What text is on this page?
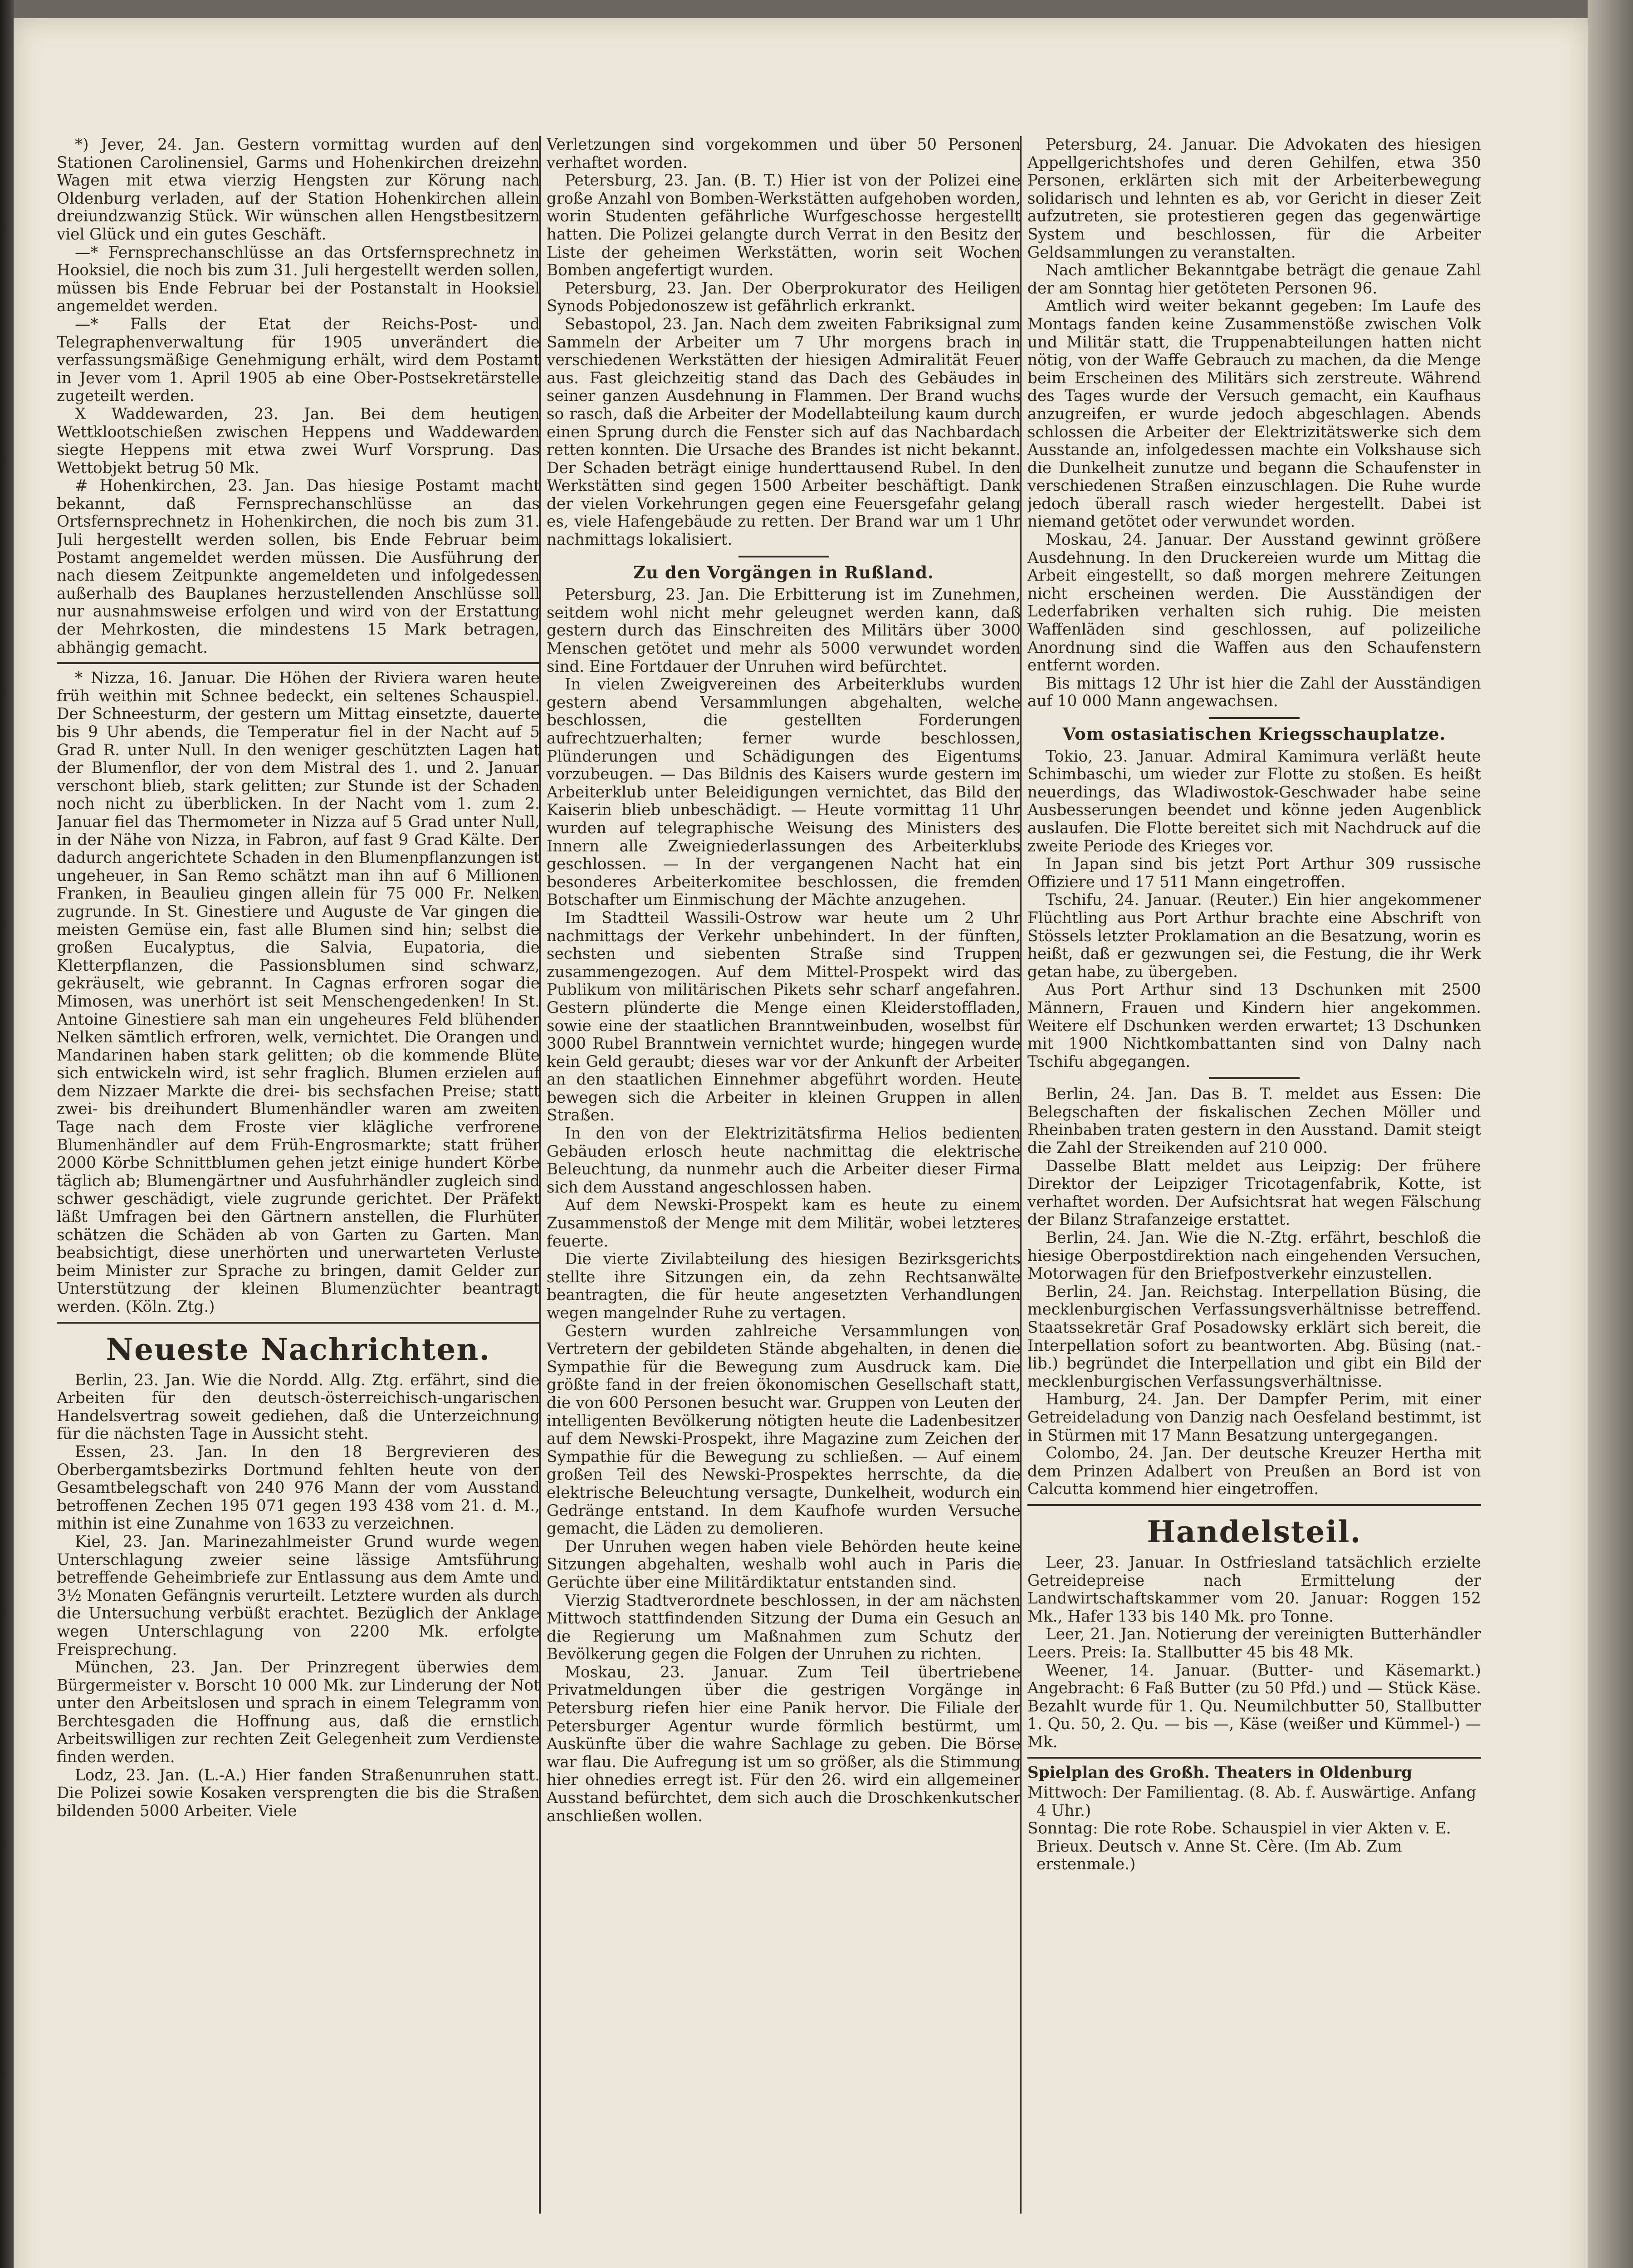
*) Jever, 24. Jan. Gestern vormittag wurden auf den Stationen Carolinensiel, Garms und Hohenkirchen dreizehn Wagen mit etwa vierzig Hengsten zur Körung nach Oldenburg verladen, auf der Station Hohenkirchen allein dreiundzwanzig Stück. Wir wünschen allen Hengstbesitzern viel Glück und ein gutes Geschäft.

—* Fernsprechanschlüsse an das Ortsfernsprechnetz in Hooksiel, die noch bis zum 31. Juli hergestellt werden sollen, müssen bis Ende Februar bei der Postanstalt in Hooksiel angemeldet werden.

—* Falls der Etat der Reichs-Post- und Telegraphenverwaltung für 1905 unverändert die verfassungsmäßige Genehmigung erhält, wird dem Postamt in Jever vom 1. April 1905 ab eine Ober-Postsekretärstelle zugeteilt werden.

X Waddewarden, 23. Jan. Bei dem heutigen Wettklootschießen zwischen Heppens und Waddewarden siegte Heppens mit etwa zwei Wurf Vorsprung. Das Wettobjekt betrug 50 Mk.

# Hohenkirchen, 23. Jan. Das hiesige Postamt macht bekannt, daß Fernsprechanschlüsse an das Ortsfernsprechnetz in Hohenkirchen, die noch bis zum 31. Juli hergestellt werden sollen, bis Ende Februar beim Postamt angemeldet werden müssen. Die Ausführung der nach diesem Zeitpunkte angemeldeten und infolgedessen außerhalb des Bauplanes herzustellenden Anschlüsse soll nur ausnahmsweise erfolgen und wird von der Erstattung der Mehrkosten, die mindestens 15 Mark betragen, abhängig gemacht.

* Nizza, 16. Januar. Die Höhen der Riviera waren heute früh weithin mit Schnee bedeckt, ein seltenes Schauspiel. Der Schneesturm, der gestern um Mittag einsetzte, dauerte bis 9 Uhr abends, die Temperatur fiel in der Nacht auf 5 Grad R. unter Null. In den weniger geschützten Lagen hat der Blumenflor, der von dem Mistral des 1. und 2. Januar verschont blieb, stark gelitten; zur Stunde ist der Schaden noch nicht zu überblicken. In der Nacht vom 1. zum 2. Januar fiel das Thermometer in Nizza auf 5 Grad unter Null, in der Nähe von Nizza, in Fabron, auf fast 9 Grad Kälte. Der dadurch angerichtete Schaden in den Blumenpflanzungen ist ungeheuer, in San Remo schätzt man ihn auf 6 Millionen Franken, in Beaulieu gingen allein für 75 000 Fr. Nelken zugrunde. In St. Ginestiere und Auguste de Var gingen die meisten Gemüse ein, fast alle Blumen sind hin; selbst die großen Eucalyptus, die Salvia, Eupatoria, die Kletterpflanzen, die Passionsblumen sind schwarz, gekräuselt, wie gebrannt. In Cagnas erfroren sogar die Mimosen, was unerhört ist seit Menschengedenken! In St. Antoine Ginestiere sah man ein ungeheures Feld blühender Nelken sämtlich erfroren, welk, vernichtet. Die Orangen und Mandarinen haben stark gelitten; ob die kommende Blüte sich entwickeln wird, ist sehr fraglich. Blumen erzielen auf dem Nizzaer Markte die drei- bis sechsfachen Preise; statt zwei- bis dreihundert Blumenhändler waren am zweiten Tage nach dem Froste vier klägliche verfrorene Blumenhändler auf dem Früh-Engrosmarkte; statt früher 2000 Körbe Schnittblumen gehen jetzt einige hundert Körbe täglich ab; Blumengärtner und Ausfuhrhändler zugleich sind schwer geschädigt, viele zugrunde gerichtet. Der Präfekt läßt Umfragen bei den Gärtnern anstellen, die Flurhüter schätzen die Schäden ab von Garten zu Garten. Man beabsichtigt, diese unerhörten und unerwarteten Verluste beim Minister zur Sprache zu bringen, damit Gelder zur Unterstützung der kleinen Blumenzüchter beantragt werden. (Köln. Ztg.)

Neueste Nachrichten.

Berlin, 23. Jan. Wie die Nordd. Allg. Ztg. erfährt, sind die Arbeiten für den deutsch-österreichisch-ungarischen Handelsvertrag soweit gediehen, daß die Unterzeichnung für die nächsten Tage in Aussicht steht.

Essen, 23. Jan. In den 18 Bergrevieren des Oberbergamtsbezirks Dortmund fehlten heute von der Gesamtbelegschaft von 240 976 Mann der vom Ausstand betroffenen Zechen 195 071 gegen 193 438 vom 21. d. M., mithin ist eine Zunahme von 1633 zu verzeichnen.

Kiel, 23. Jan. Marinezahlmeister Grund wurde wegen Unterschlagung zweier seine lässige Amtsführung betreffende Geheimbriefe zur Entlassung aus dem Amte und 3½ Monaten Gefängnis verurteilt. Letztere wurden als durch die Untersuchung verbüßt erachtet. Bezüglich der Anklage wegen Unterschlagung von 2200 Mk. erfolgte Freisprechung.

München, 23. Jan. Der Prinzregent überwies dem Bürgermeister v. Borscht 10 000 Mk. zur Linderung der Not unter den Arbeitslosen und sprach in einem Telegramm von Berchtesgaden die Hoffnung aus, daß die ernstlich Arbeitswilligen zur rechten Zeit Gelegenheit zum Verdienste finden werden.

Lodz, 23. Jan. (L.-A.) Hier fanden Straßenunruhen statt. Die Polizei sowie Kosaken versprengten die bis die Straßen bildenden 5000 Arbeiter. Viele

Verletzungen sind vorgekommen und über 50 Personen verhaftet worden.

Petersburg, 23. Jan. (B. T.) Hier ist von der Polizei eine große Anzahl von Bomben-Werkstätten aufgehoben worden, worin Studenten gefährliche Wurfgeschosse hergestellt hatten. Die Polizei gelangte durch Verrat in den Besitz der Liste der geheimen Werkstätten, worin seit Wochen Bomben angefertigt wurden.

Petersburg, 23. Jan. Der Oberprokurator des Heiligen Synods Pobjedonoszew ist gefährlich erkrankt.

Sebastopol, 23. Jan. Nach dem zweiten Fabriksignal zum Sammeln der Arbeiter um 7 Uhr morgens brach in verschiedenen Werkstätten der hiesigen Admiralität Feuer aus. Fast gleichzeitig stand das Dach des Gebäudes in seiner ganzen Ausdehnung in Flammen. Der Brand wuchs so rasch, daß die Arbeiter der Modellabteilung kaum durch einen Sprung durch die Fenster sich auf das Nachbardach retten konnten. Die Ursache des Brandes ist nicht bekannt. Der Schaden beträgt einige hunderttausend Rubel. In den Werkstätten sind gegen 1500 Arbeiter beschäftigt. Dank der vielen Vorkehrungen gegen eine Feuersgefahr gelang es, viele Hafengebäude zu retten. Der Brand war um 1 Uhr nachmittags lokalisiert.

Zu den Vorgängen in Rußland.

Petersburg, 23. Jan. Die Erbitterung ist im Zunehmen, seitdem wohl nicht mehr geleugnet werden kann, daß gestern durch das Einschreiten des Militärs über 3000 Menschen getötet und mehr als 5000 verwundet worden sind. Eine Fortdauer der Unruhen wird befürchtet.

In vielen Zweigvereinen des Arbeiterklubs wurden gestern abend Versammlungen abgehalten, welche beschlossen, die gestellten Forderungen aufrechtzuerhalten; ferner wurde beschlossen, Plünderungen und Schädigungen des Eigentums vorzubeugen. — Das Bildnis des Kaisers wurde gestern im Arbeiterklub unter Beleidigungen vernichtet, das Bild der Kaiserin blieb unbeschädigt. — Heute vormittag 11 Uhr wurden auf telegraphische Weisung des Ministers des Innern alle Zweigniederlassungen des Arbeiterklubs geschlossen. — In der vergangenen Nacht hat ein besonderes Arbeiterkomitee beschlossen, die fremden Botschafter um Einmischung der Mächte anzugehen.

Im Stadtteil Wassili-Ostrow war heute um 2 Uhr nachmittags der Verkehr unbehindert. In der fünften, sechsten und siebenten Straße sind Truppen zusammengezogen. Auf dem Mittel-Prospekt wird das Publikum von militärischen Pikets sehr scharf angefahren. Gestern plünderte die Menge einen Kleiderstoffladen, sowie eine der staatlichen Branntweinbuden, woselbst für 3000 Rubel Branntwein vernichtet wurde; hingegen wurde kein Geld geraubt; dieses war vor der Ankunft der Arbeiter an den staatlichen Einnehmer abgeführt worden. Heute bewegen sich die Arbeiter in kleinen Gruppen in allen Straßen.

In den von der Elektrizitätsfirma Helios bedienten Gebäuden erlosch heute nachmittag die elektrische Beleuchtung, da nunmehr auch die Arbeiter dieser Firma sich dem Ausstand angeschlossen haben.

Auf dem Newski-Prospekt kam es heute zu einem Zusammenstoß der Menge mit dem Militär, wobei letzteres feuerte.

Die vierte Zivilabteilung des hiesigen Bezirksgerichts stellte ihre Sitzungen ein, da zehn Rechtsanwälte beantragten, die für heute angesetzten Verhandlungen wegen mangelnder Ruhe zu vertagen.

Gestern wurden zahlreiche Versammlungen von Vertretern der gebildeten Stände abgehalten, in denen die Sympathie für die Bewegung zum Ausdruck kam. Die größte fand in der freien ökonomischen Gesellschaft statt, die von 600 Personen besucht war. Gruppen von Leuten der intelligenten Bevölkerung nötigten heute die Ladenbesitzer auf dem Newski-Prospekt, ihre Magazine zum Zeichen der Sympathie für die Bewegung zu schließen. — Auf einem großen Teil des Newski-Prospektes herrschte, da die elektrische Beleuchtung versagte, Dunkelheit, wodurch ein Gedränge entstand. In dem Kaufhofe wurden Versuche gemacht, die Läden zu demolieren.

Der Unruhen wegen haben viele Behörden heute keine Sitzungen abgehalten, weshalb wohl auch in Paris die Gerüchte über eine Militärdiktatur entstanden sind.

Vierzig Stadtverordnete beschlossen, in der am nächsten Mittwoch stattfindenden Sitzung der Duma ein Gesuch an die Regierung um Maßnahmen zum Schutz der Bevölkerung gegen die Folgen der Unruhen zu richten.

Moskau, 23. Januar. Zum Teil übertriebene Privatmeldungen über die gestrigen Vorgänge in Petersburg riefen hier eine Panik hervor. Die Filiale der Petersburger Agentur wurde förmlich bestürmt, um Auskünfte über die wahre Sachlage zu geben. Die Börse war flau. Die Aufregung ist um so größer, als die Stimmung hier ohnedies erregt ist. Für den 26. wird ein allgemeiner Ausstand befürchtet, dem sich auch die Droschkenkutscher anschließen wollen.

Petersburg, 24. Januar. Die Advokaten des hiesigen Appellgerichtshofes und deren Gehilfen, etwa 350 Personen, erklärten sich mit der Arbeiterbewegung solidarisch und lehnten es ab, vor Gericht in dieser Zeit aufzutreten, sie protestieren gegen das gegenwärtige System und beschlossen, für die Arbeiter Geldsammlungen zu veranstalten.

Nach amtlicher Bekanntgabe beträgt die genaue Zahl der am Sonntag hier getöteten Personen 96.

Amtlich wird weiter bekannt gegeben: Im Laufe des Montags fanden keine Zusammenstöße zwischen Volk und Militär statt, die Truppenabteilungen hatten nicht nötig, von der Waffe Gebrauch zu machen, da die Menge beim Erscheinen des Militärs sich zerstreute. Während des Tages wurde der Versuch gemacht, ein Kaufhaus anzugreifen, er wurde jedoch abgeschlagen. Abends schlossen die Arbeiter der Elektrizitätswerke sich dem Ausstande an, infolgedessen machte ein Volkshause sich die Dunkelheit zunutze und begann die Schaufenster in verschiedenen Straßen einzuschlagen. Die Ruhe wurde jedoch überall rasch wieder hergestellt. Dabei ist niemand getötet oder verwundet worden.

Moskau, 24. Januar. Der Ausstand gewinnt größere Ausdehnung. In den Druckereien wurde um Mittag die Arbeit eingestellt, so daß morgen mehrere Zeitungen nicht erscheinen werden. Die Ausständigen der Lederfabriken verhalten sich ruhig. Die meisten Waffenläden sind geschlossen, auf polizeiliche Anordnung sind die Waffen aus den Schaufenstern entfernt worden.

Bis mittags 12 Uhr ist hier die Zahl der Ausständigen auf 10 000 Mann angewachsen.

Vom ostasiatischen Kriegsschauplatze.

Tokio, 23. Januar. Admiral Kamimura verläßt heute Schimbaschi, um wieder zur Flotte zu stoßen. Es heißt neuerdings, das Wladiwostok-Geschwader habe seine Ausbesserungen beendet und könne jeden Augenblick auslaufen. Die Flotte bereitet sich mit Nachdruck auf die zweite Periode des Krieges vor.

In Japan sind bis jetzt Port Arthur 309 russische Offiziere und 17 511 Mann eingetroffen.

Tschifu, 24. Januar. (Reuter.) Ein hier angekommener Flüchtling aus Port Arthur brachte eine Abschrift von Stössels letzter Proklamation an die Besatzung, worin es heißt, daß er gezwungen sei, die Festung, die ihr Werk getan habe, zu übergeben.

Aus Port Arthur sind 13 Dschunken mit 2500 Männern, Frauen und Kindern hier angekommen. Weitere elf Dschunken werden erwartet; 13 Dschunken mit 1900 Nichtkombattanten sind von Dalny nach Tschifu abgegangen.

Berlin, 24. Jan. Das B. T. meldet aus Essen: Die Belegschaften der fiskalischen Zechen Möller und Rheinbaben traten gestern in den Ausstand. Damit steigt die Zahl der Streikenden auf 210 000.

Dasselbe Blatt meldet aus Leipzig: Der frühere Direktor der Leipziger Tricotagenfabrik, Kotte, ist verhaftet worden. Der Aufsichtsrat hat wegen Fälschung der Bilanz Strafanzeige erstattet.

Berlin, 24. Jan. Wie die N.-Ztg. erfährt, beschloß die hiesige Oberpostdirektion nach eingehenden Versuchen, Motorwagen für den Briefpostverkehr einzustellen.

Berlin, 24. Jan. Reichstag. Interpellation Büsing, die mecklenburgischen Verfassungsverhältnisse betreffend. Staatssekretär Graf Posadowsky erklärt sich bereit, die Interpellation sofort zu beantworten. Abg. Büsing (nat.-lib.) begründet die Interpellation und gibt ein Bild der mecklenburgischen Verfassungsverhältnisse.

Hamburg, 24. Jan. Der Dampfer Perim, mit einer Getreideladung von Danzig nach Oesfeland bestimmt, ist in Stürmen mit 17 Mann Besatzung untergegangen.

Colombo, 24. Jan. Der deutsche Kreuzer Hertha mit dem Prinzen Adalbert von Preußen an Bord ist von Calcutta kommend hier eingetroffen.

Handelsteil.

Leer, 23. Januar. In Ostfriesland tatsächlich erzielte Getreidepreise nach Ermittelung der Landwirtschaftskammer vom 20. Januar: Roggen 152 Mk., Hafer 133 bis 140 Mk. pro Tonne.

Leer, 21. Jan. Notierung der vereinigten Butterhändler Leers. Preis: Ia. Stallbutter 45 bis 48 Mk.

Weener, 14. Januar. (Butter- und Käsemarkt.) Angebracht: 6 Faß Butter (zu 50 Pfd.) und — Stück Käse. Bezahlt wurde für 1. Qu. Neumilchbutter 50, Stallbutter 1. Qu. 50, 2. Qu. — bis —, Käse (weißer und Kümmel-) — Mk.

Spielplan des Großh. Theaters in Oldenburg

Mittwoch: Der Familientag. (8. Ab. f. Auswärtige. Anfang 4 Uhr.)

Sonntag: Die rote Robe. Schauspiel in vier Akten v. E. Brieux. Deutsch v. Anne St. Cère. (Im Ab. Zum erstenmale.)
